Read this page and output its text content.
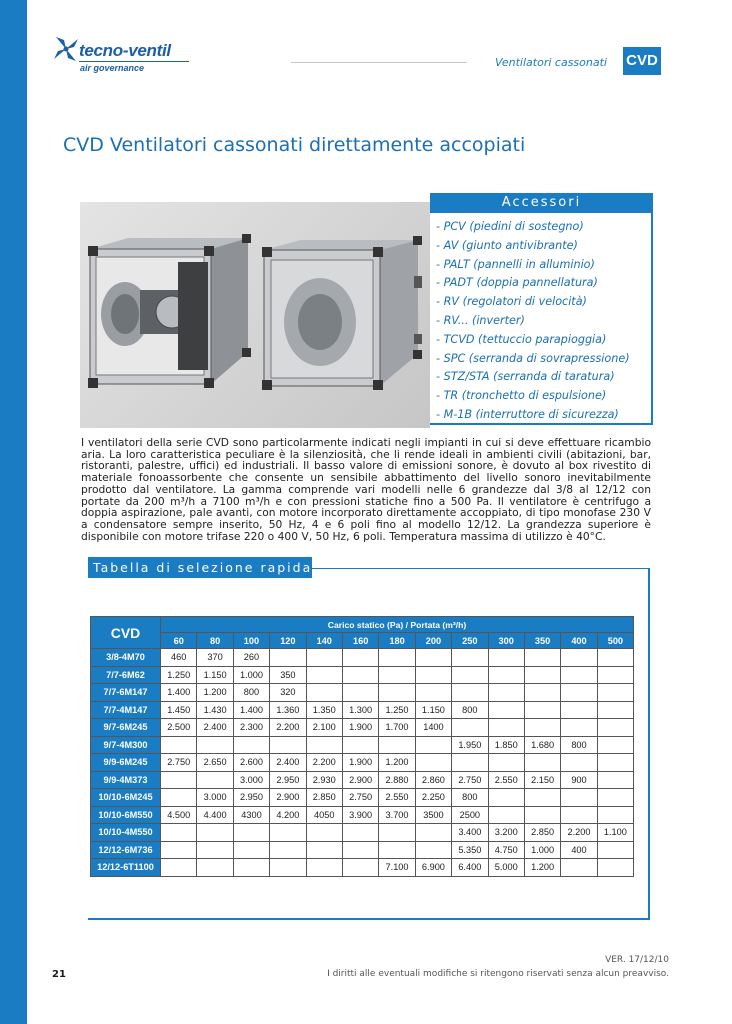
tecno-ventil
air governance	Ventilatori cassonati CVD
CVD Ventilatori cassonati direttamente accopiati
Accessori
- PCV (piedini di sostegno)
- AV (giunto antivibrante)
- PALT (pannelli in alluminio)
- PADT (doppia pannellatura)
- RV (regolatori di velocità)
- RV... (inverter)
- TCVD (tettuccio parapioggia)
- SPC (serranda di sovrapressione)
- STZ/STA (serranda di taratura)
- TR (tronchetto di espulsione)
- M-1B (interruttore di sicurezza)

I ventilatori della serie CVD sono particolarmente indicati negli impianti in cui si deve effettuare ricambio aria. La loro caratteristica peculiare è la silenziosità, che li rende ideali in ambienti civili (abitazioni, bar, ristoranti, palestre, uffici) ed industriali. Il basso valore di emissioni sonore, è dovuto al box rivestito di materiale fonoassorbente che consente un sensibile abbattimento del livello sonoro inevitabilmente prodotto dal ventilatore. La gamma comprende vari modelli nelle 6 grandezze dal 3/8 al 12/12 con portate da 200 m³/h a 7100 m³/h e con pressioni statiche fino a 500 Pa. Il ventilatore è centrifugo a doppia aspirazione, pale avanti, con motore incorporato direttamente accoppiato, di tipo monofase 230 V a condensatore sempre inserito, 50 Hz, 4 e 6 poli fino al modello 12/12. La grandezza superiore è disponibile con motore trifase 220 o 400 V, 50 Hz, 6 poli. Temperatura massima di utilizzo è 40°C.

Tabella di selezione rapida
CVD	Carico statico (Pa) / Portata (m³/h)												
	60	80	100	120	140	160	180	200	250	300	350	400	500
3/8-4M70	460	370	260										
7/7-6M62	1.250	1.150	1.000	350									
7/7-6M147	1.400	1.200	800	320									
7/7-4M147	1.450	1.430	1.400	1.360	1.350	1.300	1.250	1.150	800				
9/7-6M245	2.500	2.400	2.300	2.200	2.100	1.900	1.700	1400					
9/7-4M300									1.950	1.850	1.680	800	
9/9-6M245	2.750	2.650	2.600	2.400	2.200	1.900	1.200						
9/9-4M373			3.000	2.950	2.930	2.900	2.880	2.860	2.750	2.550	2.150	900	
10/10-6M245		3.000	2.950	2.900	2.850	2.750	2.550	2.250	800				
10/10-6M550	4.500	4.400	4300	4.200	4050	3.900	3.700	3500	2500				
10/10-4M550									3.400	3.200	2.850	2.200	1.100
12/12-6M736									5.350	4.750	1.000	400	
12/12-6T1100							7.100	6.900	6.400	5.000	1.200		
21
VER. 17/12/10
I diritti alle eventuali modifiche si ritengono riservati senza alcun preavviso.
